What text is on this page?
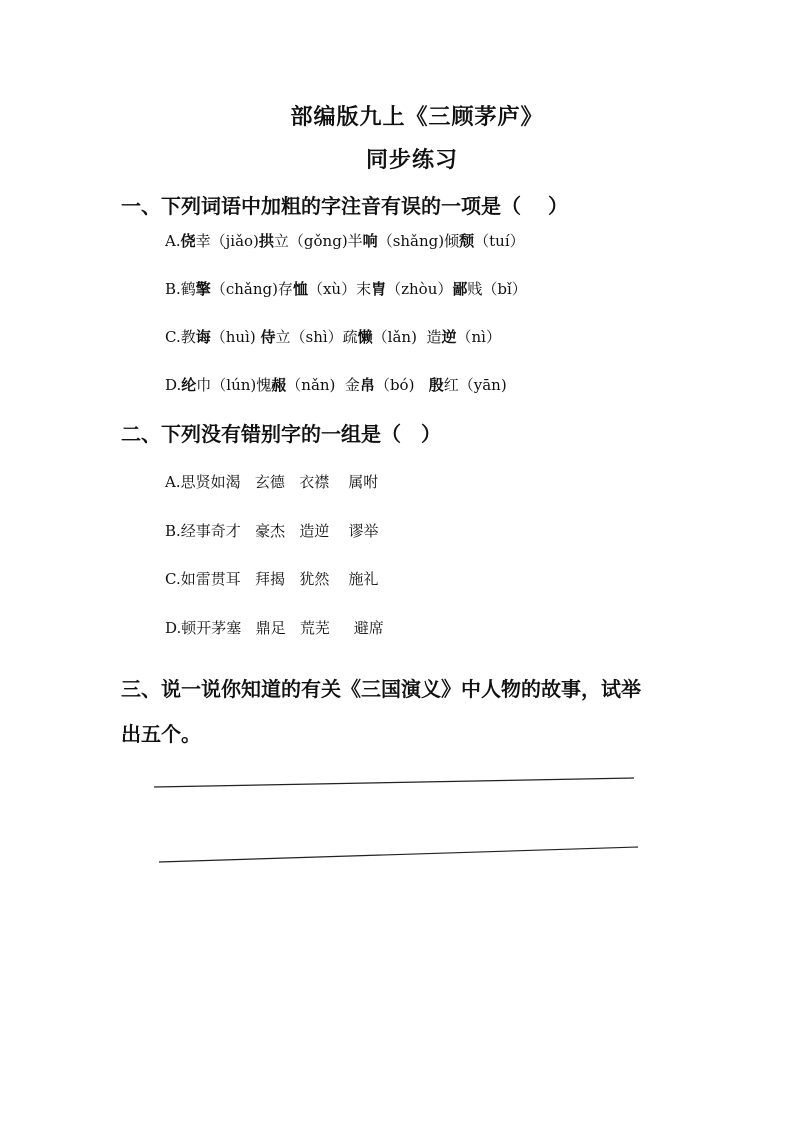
部编版九上《三顾茅庐》
同步练习
一、下列词语中加粗的字注音有误的一项是（　 ）
A.侥幸（jiǎo)拱立（gǒng)半响（shǎng)倾颓（tuí）
B.鹤擎（chǎng)存恤（xù）末胄（zhòu）鄙贱（bǐ）
C.教诲（huì) 侍立（shì）疏懒（lǎn)  造逆（nì）
D.纶巾（lún)愧赧（nǎn)  金帛（bó)   殷红（yān)
二、下列没有错别字的一组是（　）
A.思贤如渴   玄德   衣襟    属咐
B.经事奇才   豪杰   造逆    谬举
C.如雷贯耳   拜揭   犹然    施礼
D.顿开茅塞   鼎足   荒芜     避席
三、说一说你知道的有关《三国演义》中人物的故事，试举
出五个。
